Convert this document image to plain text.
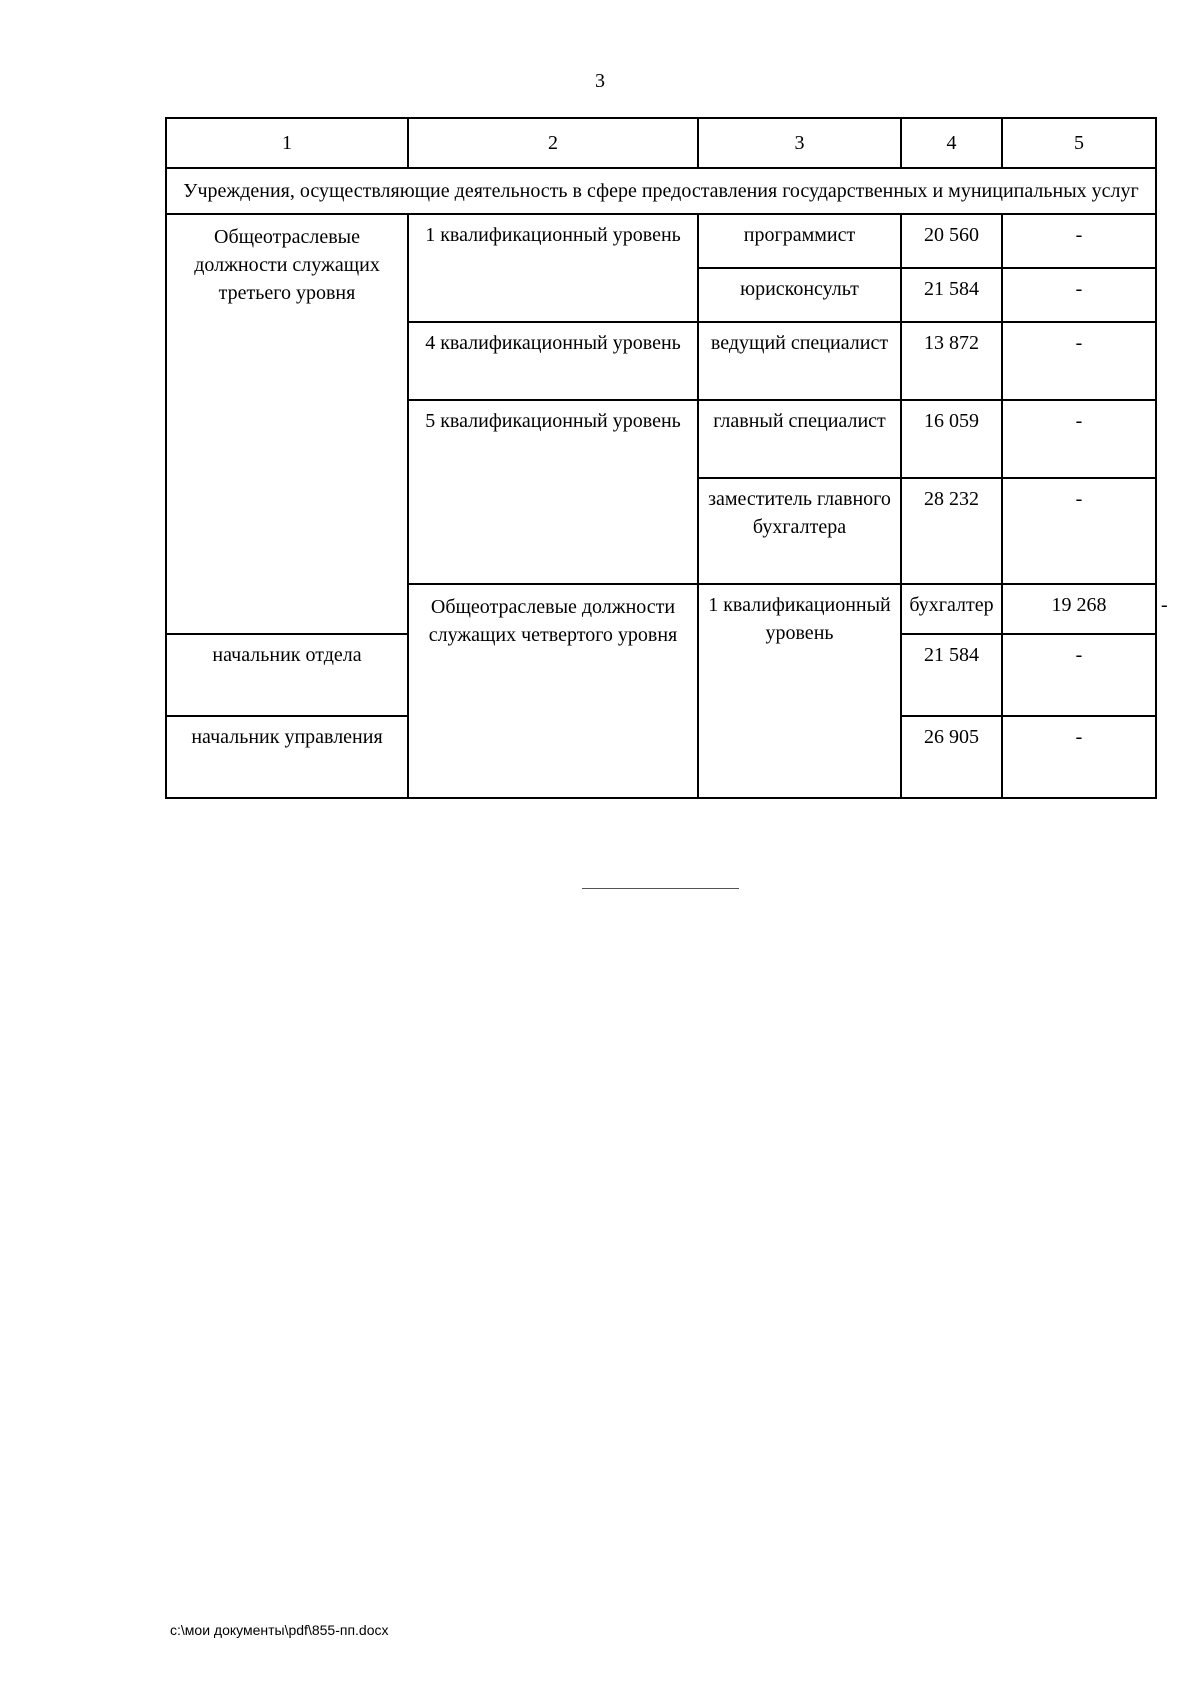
3
1	2	3	4	5	
Учреждения, осуществляющие деятельность в сфере предоставления государственных и муниципальных услуг					
Общеотраслевые должности служащих третьего уровня	1 квалификационный уровень	программист	20 560	-	
		юрисконсульт	21 584	-	
	4 квалификационный уровень	ведущий специалист	13 872	-	
	5 квалификационный уровень	главный специалист	16 059	-	
		заместитель главного бухгалтера	28 232	-	
	Общеотраслевые должности служащих четвертого уровня	1 квалификационный уровень	бухгалтер	19 268	-
начальник отдела			21 584	-	
начальник управления			26 905	-	
c:\мои документы\pdf\855-пп.docx
